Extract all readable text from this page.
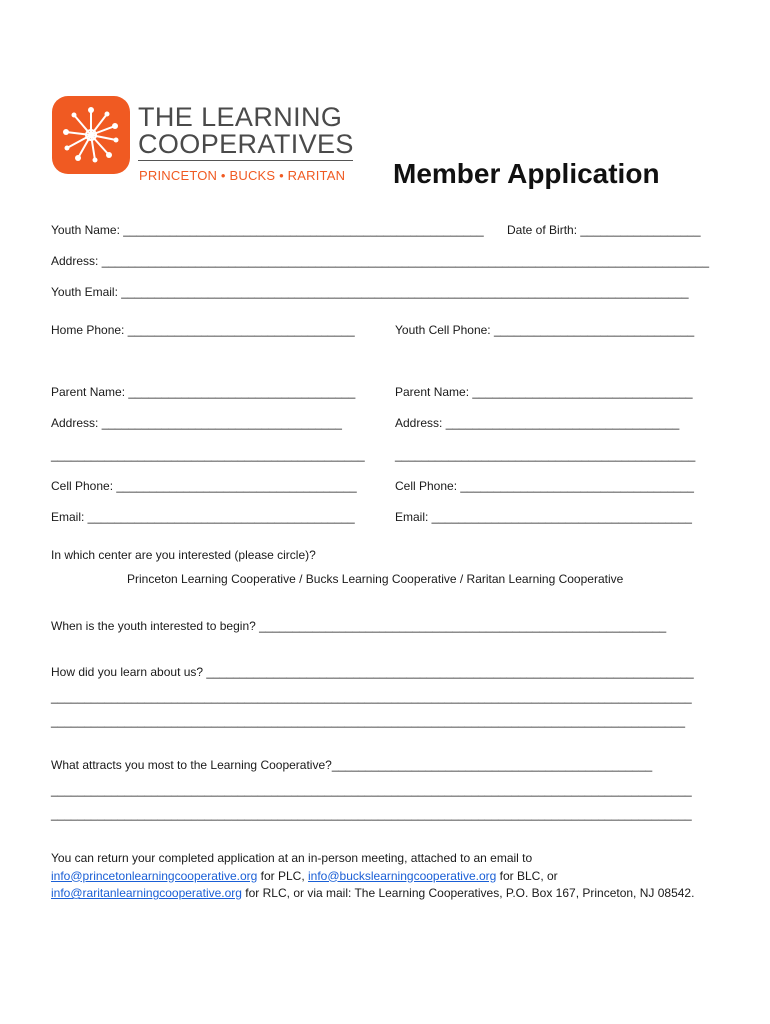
THE LEARNING
COOPERATIVES
PRINCETON • BUCKS • RARITAN Member Application
Youth Name: ______________________________________________________ Date of Birth: __________________
Address: ___________________________________________________________________________________________
Youth Email: _____________________________________________________________________________________
Home Phone: __________________________________	Youth Cell Phone: ______________________________
Parent Name: __________________________________
Address: ____________________________________
_______________________________________________
Cell Phone: ____________________________________
Email: ________________________________________
Parent Name: _________________________________
Address: ___________________________________
_____________________________________________
Cell Phone: ___________________________________
Email: _______________________________________
In which center are you interested (please circle)?
Princeton Learning Cooperative / Bucks Learning Cooperative / Raritan Learning Cooperative
When is the youth interested to begin? _____________________________________________________________
How did you learn about us? _________________________________________________________________________
________________________________________________________________________________________________
_______________________________________________________________________________________________
What attracts you most to the Learning Cooperative?________________________________________________
________________________________________________________________________________________________
________________________________________________________________________________________________
You can return your completed application at an in-person meeting, attached to an email to info@princetonlearningcooperative.org for PLC, info@buckslearningcooperative.org for BLC, or info@raritanlearningcooperative.org for RLC, or via mail: The Learning Cooperatives, P.O. Box 167, Princeton, NJ 08542.
